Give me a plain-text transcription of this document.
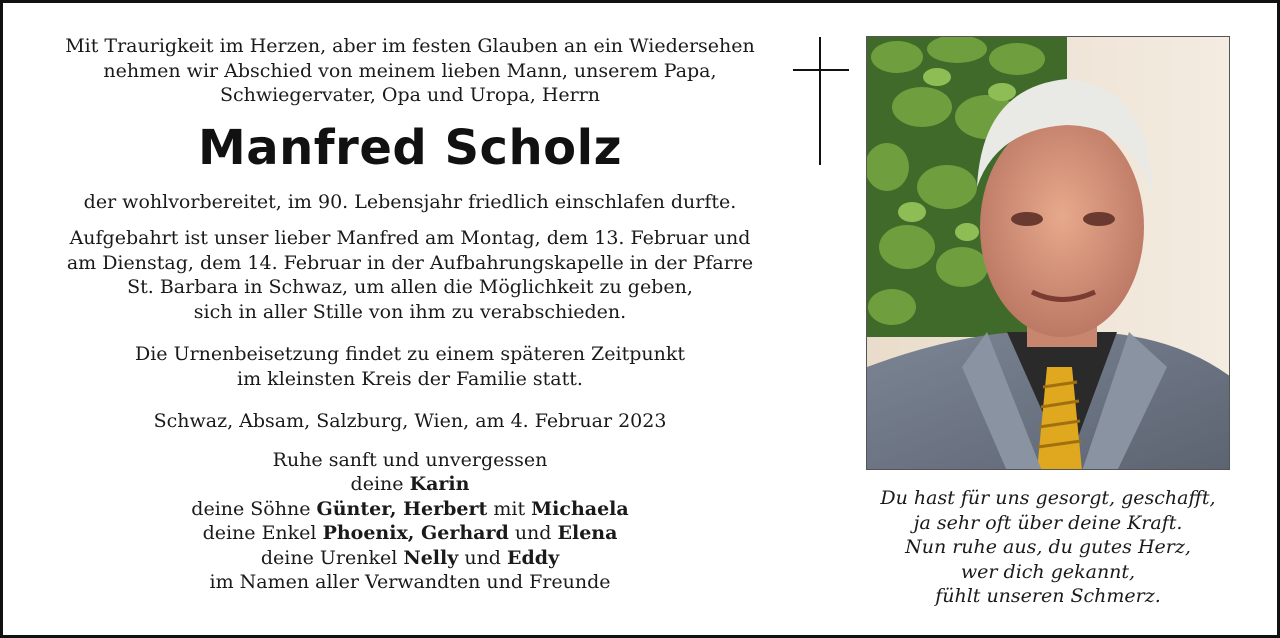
Mit Traurigkeit im Herzen, aber im festen Glauben an ein Wiedersehen
nehmen wir Abschied von meinem lieben Mann, unserem Papa,
Schwiegervater, Opa und Uropa, Herrn

Manfred Scholz

der wohlvorbereitet, im 90. Lebensjahr friedlich einschlafen durfte.

Aufgebahrt ist unser lieber Manfred am Montag, dem 13. Februar und
am Dienstag, dem 14. Februar in der Aufbahrungskapelle in der Pfarre
St. Barbara in Schwaz, um allen die Möglichkeit zu geben,
sich in aller Stille von ihm zu verabschieden.

Die Urnenbeisetzung findet zu einem späteren Zeitpunkt
im kleinsten Kreis der Familie statt.

Schwaz, Absam, Salzburg, Wien, am 4. Februar 2023

Ruhe sanft und unvergessen

deine Karin
deine Söhne Günter, Herbert mit Michaela
deine Enkel Phoenix, Gerhard und Elena
deine Urenkel Nelly und Eddy
im Namen aller Verwandten und Freunde

Du hast für uns gesorgt, geschafft,
ja sehr oft über deine Kraft.
Nun ruhe aus, du gutes Herz,
wer dich gekannt,
fühlt unseren Schmerz.
